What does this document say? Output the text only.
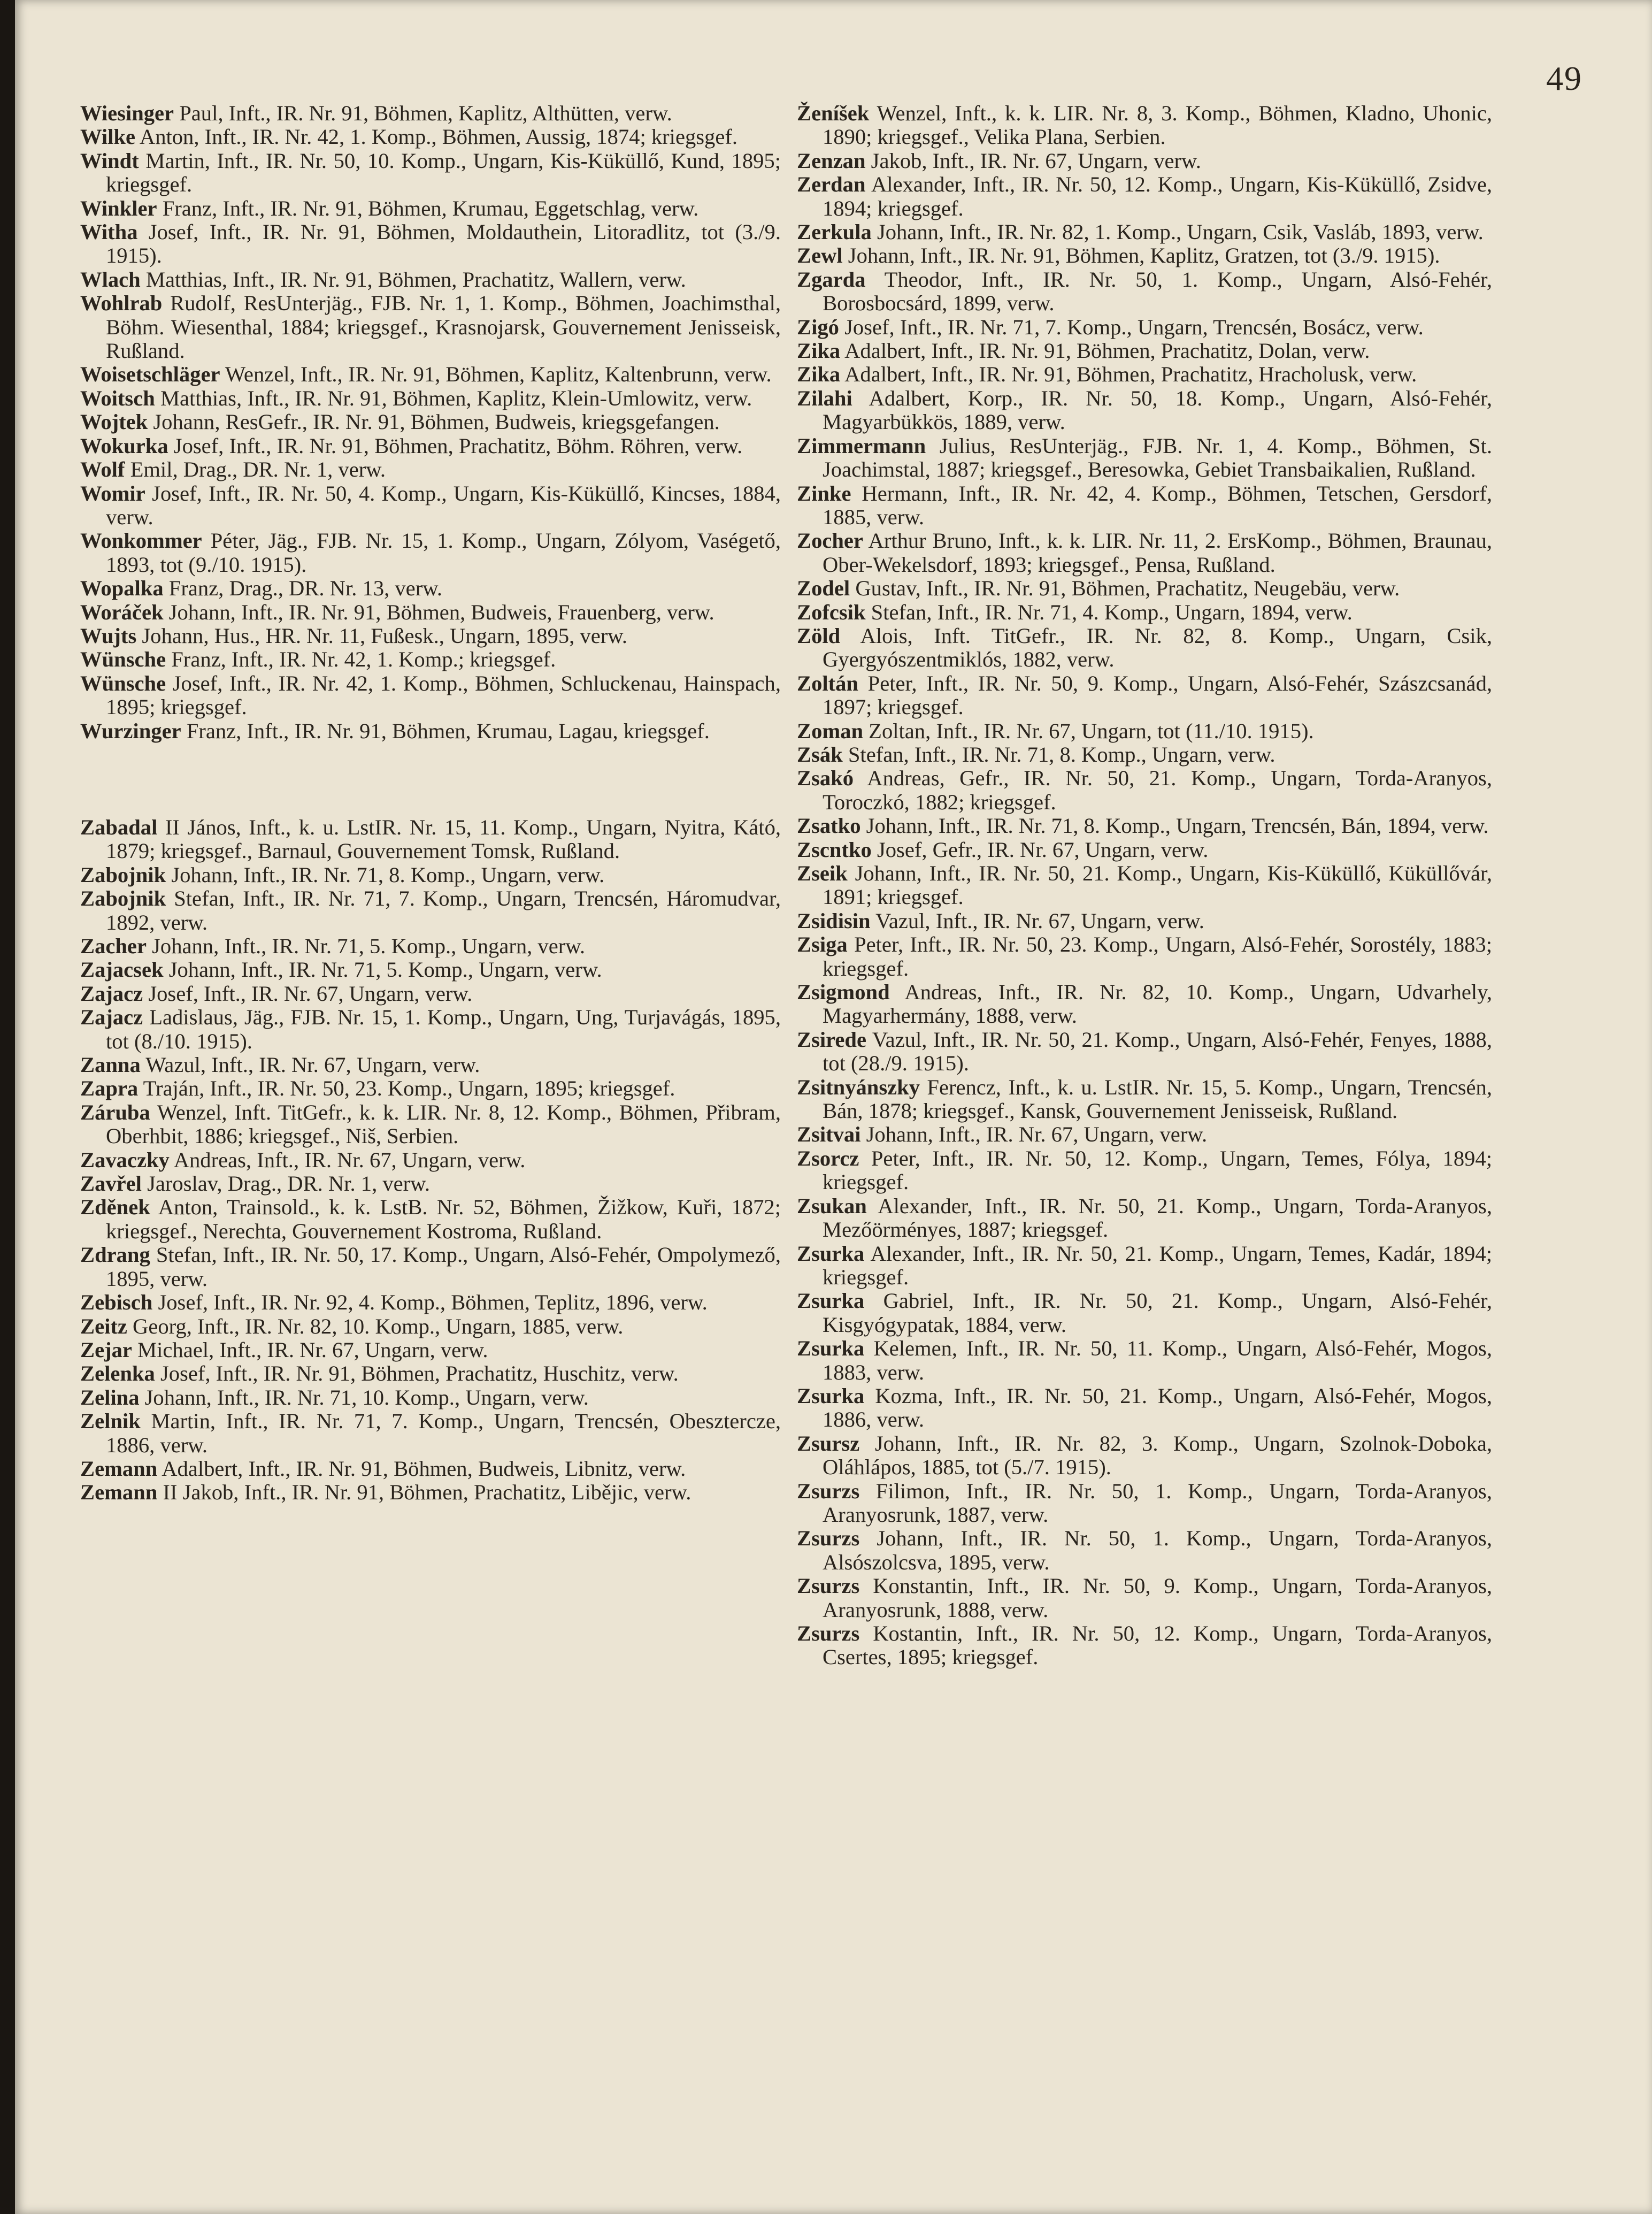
49
Wiesinger Paul, Inft., IR. Nr. 91, Böhmen, Kaplitz, Althütten, verw.
Wilke Anton, Inft., IR. Nr. 42, 1. Komp., Böhmen, Aussig, 1874; kriegsgef.
Windt Martin, Inft., IR. Nr. 50, 10. Komp., Ungarn, Kis-Küküllő, Kund, 1895; kriegsgef.
Winkler Franz, Inft., IR. Nr. 91, Böhmen, Krumau, Eggetschlag, verw.
Witha Josef, Inft., IR. Nr. 91, Böhmen, Moldauthein, Litoradlitz, tot (3./9. 1915).
Wlach Matthias, Inft., IR. Nr. 91, Böhmen, Prachatitz, Wallern, verw.
Wohlrab Rudolf, ResUnterjäg., FJB. Nr. 1, 1. Komp., Böhmen, Joachimsthal, Böhm. Wiesenthal, 1884; kriegsgef., Krasnojarsk, Gouvernement Jenisseisk, Rußland.
Woisetschläger Wenzel, Inft., IR. Nr. 91, Böhmen, Kaplitz, Kaltenbrunn, verw.
Woitsch Matthias, Inft., IR. Nr. 91, Böhmen, Kaplitz, Klein-Umlowitz, verw.
Wojtek Johann, ResGefr., IR. Nr. 91, Böhmen, Budweis, kriegsgefangen.
Wokurka Josef, Inft., IR. Nr. 91, Böhmen, Prachatitz, Böhm. Röhren, verw.
Wolf Emil, Drag., DR. Nr. 1, verw.
Womir Josef, Inft., IR. Nr. 50, 4. Komp., Ungarn, Kis-Küküllő, Kincses, 1884, verw.
Wonkommer Péter, Jäg., FJB. Nr. 15, 1. Komp., Ungarn, Zólyom, Vaségető, 1893, tot (9./10. 1915).
Wopalka Franz, Drag., DR. Nr. 13, verw.
Woráček Johann, Inft., IR. Nr. 91, Böhmen, Budweis, Frauenberg, verw.
Wujts Johann, Hus., HR. Nr. 11, Fußesk., Ungarn, 1895, verw.
Wünsche Franz, Inft., IR. Nr. 42, 1. Komp.; kriegsgef.
Wünsche Josef, Inft., IR. Nr. 42, 1. Komp., Böhmen, Schluckenau, Hainspach, 1895; kriegsgef.
Wurzinger Franz, Inft., IR. Nr. 91, Böhmen, Krumau, Lagau, kriegsgef.
Zabadal II János, Inft., k. u. LstIR. Nr. 15, 11. Komp., Ungarn, Nyitra, Kátó, 1879; kriegsgef., Barnaul, Gouvernement Tomsk, Rußland.
Zabojnik Johann, Inft., IR. Nr. 71, 8. Komp., Ungarn, verw.
Zabojnik Stefan, Inft., IR. Nr. 71, 7. Komp., Ungarn, Trencsén, Háromudvar, 1892, verw.
Zacher Johann, Inft., IR. Nr. 71, 5. Komp., Ungarn, verw.
Zajacsek Johann, Inft., IR. Nr. 71, 5. Komp., Ungarn, verw.
Zajacz Josef, Inft., IR. Nr. 67, Ungarn, verw.
Zajacz Ladislaus, Jäg., FJB. Nr. 15, 1. Komp., Ungarn, Ung, Turjavágás, 1895, tot (8./10. 1915).
Zanna Wazul, Inft., IR. Nr. 67, Ungarn, verw.
Zapra Traján, Inft., IR. Nr. 50, 23. Komp., Ungarn, 1895; kriegsgef.
Záruba Wenzel, Inft. TitGefr., k. k. LIR. Nr. 8, 12. Komp., Böhmen, Přibram, Oberhbit, 1886; kriegsgef., Niš, Serbien.
Zavaczky Andreas, Inft., IR. Nr. 67, Ungarn, verw.
Zavřel Jaroslav, Drag., DR. Nr. 1, verw.
Zděnek Anton, Trainsold., k. k. LstB. Nr. 52, Böhmen, Žižkow, Kuři, 1872; kriegsgef., Nerechta, Gouvernement Kostroma, Rußland.
Zdrang Stefan, Inft., IR. Nr. 50, 17. Komp., Ungarn, Alsó-Fehér, Ompolymező, 1895, verw.
Zebisch Josef, Inft., IR. Nr. 92, 4. Komp., Böhmen, Teplitz, 1896, verw.
Zeitz Georg, Inft., IR. Nr. 82, 10. Komp., Ungarn, 1885, verw.
Zejar Michael, Inft., IR. Nr. 67, Ungarn, verw.
Zelenka Josef, Inft., IR. Nr. 91, Böhmen, Prachatitz, Huschitz, verw.
Zelina Johann, Inft., IR. Nr. 71, 10. Komp., Ungarn, verw.
Zelnik Martin, Inft., IR. Nr. 71, 7. Komp., Ungarn, Trencsén, Obesztercze, 1886, verw.
Zemann Adalbert, Inft., IR. Nr. 91, Böhmen, Budweis, Libnitz, verw.
Zemann II Jakob, Inft., IR. Nr. 91, Böhmen, Prachatitz, Libějic, verw.
Ženíšek Wenzel, Inft., k. k. LIR. Nr. 8, 3. Komp., Böhmen, Kladno, Uhonic, 1890; kriegsgef., Velika Plana, Serbien.
Zenzan Jakob, Inft., IR. Nr. 67, Ungarn, verw.
Zerdan Alexander, Inft., IR. Nr. 50, 12. Komp., Ungarn, Kis-Küküllő, Zsidve, 1894; kriegsgef.
Zerkula Johann, Inft., IR. Nr. 82, 1. Komp., Ungarn, Csik, Vasláb, 1893, verw.
Zewl Johann, Inft., IR. Nr. 91, Böhmen, Kaplitz, Gratzen, tot (3./9. 1915).
Zgarda Theodor, Inft., IR. Nr. 50, 1. Komp., Ungarn, Alsó-Fehér, Borosbocsárd, 1899, verw.
Zigó Josef, Inft., IR. Nr. 71, 7. Komp., Ungarn, Trencsén, Bosácz, verw.
Zika Adalbert, Inft., IR. Nr. 91, Böhmen, Prachatitz, Dolan, verw.
Zika Adalbert, Inft., IR. Nr. 91, Böhmen, Prachatitz, Hracholusk, verw.
Zilahi Adalbert, Korp., IR. Nr. 50, 18. Komp., Ungarn, Alsó-Fehér, Magyarbükkös, 1889, verw.
Zimmermann Julius, ResUnterjäg., FJB. Nr. 1, 4. Komp., Böhmen, St. Joachimstal, 1887; kriegsgef., Beresowka, Gebiet Transbaikalien, Rußland.
Zinke Hermann, Inft., IR. Nr. 42, 4. Komp., Böhmen, Tetschen, Gersdorf, 1885, verw.
Zocher Arthur Bruno, Inft., k. k. LIR. Nr. 11, 2. ErsKomp., Böhmen, Braunau, Ober-Wekelsdorf, 1893; kriegsgef., Pensa, Rußland.
Zodel Gustav, Inft., IR. Nr. 91, Böhmen, Prachatitz, Neugebäu, verw.
Zofcsik Stefan, Inft., IR. Nr. 71, 4. Komp., Ungarn, 1894, verw.
Zöld Alois, Inft. TitGefr., IR. Nr. 82, 8. Komp., Ungarn, Csik, Gyergyószentmiklós, 1882, verw.
Zoltán Peter, Inft., IR. Nr. 50, 9. Komp., Ungarn, Alsó-Fehér, Szászcsanád, 1897; kriegsgef.
Zoman Zoltan, Inft., IR. Nr. 67, Ungarn, tot (11./10. 1915).
Zsák Stefan, Inft., IR. Nr. 71, 8. Komp., Ungarn, verw.
Zsakó Andreas, Gefr., IR. Nr. 50, 21. Komp., Ungarn, Torda-Aranyos, Toroczkó, 1882; kriegsgef.
Zsatko Johann, Inft., IR. Nr. 71, 8. Komp., Ungarn, Trencsén, Bán, 1894, verw.
Zscntko Josef, Gefr., IR. Nr. 67, Ungarn, verw.
Zseik Johann, Inft., IR. Nr. 50, 21. Komp., Ungarn, Kis-Küküllő, Küküllővár, 1891; kriegsgef.
Zsidisin Vazul, Inft., IR. Nr. 67, Ungarn, verw.
Zsiga Peter, Inft., IR. Nr. 50, 23. Komp., Ungarn, Alsó-Fehér, Sorostély, 1883; kriegsgef.
Zsigmond Andreas, Inft., IR. Nr. 82, 10. Komp., Ungarn, Udvarhely, Magyarhermány, 1888, verw.
Zsirede Vazul, Inft., IR. Nr. 50, 21. Komp., Ungarn, Alsó-Fehér, Fenyes, 1888, tot (28./9. 1915).
Zsitnyánszky Ferencz, Inft., k. u. LstIR. Nr. 15, 5. Komp., Ungarn, Trencsén, Bán, 1878; kriegsgef., Kansk, Gouvernement Jenisseisk, Rußland.
Zsitvai Johann, Inft., IR. Nr. 67, Ungarn, verw.
Zsorcz Peter, Inft., IR. Nr. 50, 12. Komp., Ungarn, Temes, Fólya, 1894; kriegsgef.
Zsukan Alexander, Inft., IR. Nr. 50, 21. Komp., Ungarn, Torda-Aranyos, Mezőörményes, 1887; kriegsgef.
Zsurka Alexander, Inft., IR. Nr. 50, 21. Komp., Ungarn, Temes, Kadár, 1894; kriegsgef.
Zsurka Gabriel, Inft., IR. Nr. 50, 21. Komp., Ungarn, Alsó-Fehér, Kisgyógypatak, 1884, verw.
Zsurka Kelemen, Inft., IR. Nr. 50, 11. Komp., Ungarn, Alsó-Fehér, Mogos, 1883, verw.
Zsurka Kozma, Inft., IR. Nr. 50, 21. Komp., Ungarn, Alsó-Fehér, Mogos, 1886, verw.
Zsursz Johann, Inft., IR. Nr. 82, 3. Komp., Ungarn, Szolnok-Doboka, Oláhlápos, 1885, tot (5./7. 1915).
Zsurzs Filimon, Inft., IR. Nr. 50, 1. Komp., Ungarn, Torda-Aranyos, Aranyosrunk, 1887, verw.
Zsurzs Johann, Inft., IR. Nr. 50, 1. Komp., Ungarn, Torda-Aranyos, Alsószolcsva, 1895, verw.
Zsurzs Konstantin, Inft., IR. Nr. 50, 9. Komp., Ungarn, Torda-Aranyos, Aranyosrunk, 1888, verw.
Zsurzs Kostantin, Inft., IR. Nr. 50, 12. Komp., Ungarn, Torda-Aranyos, Csertes, 1895; kriegsgef.
